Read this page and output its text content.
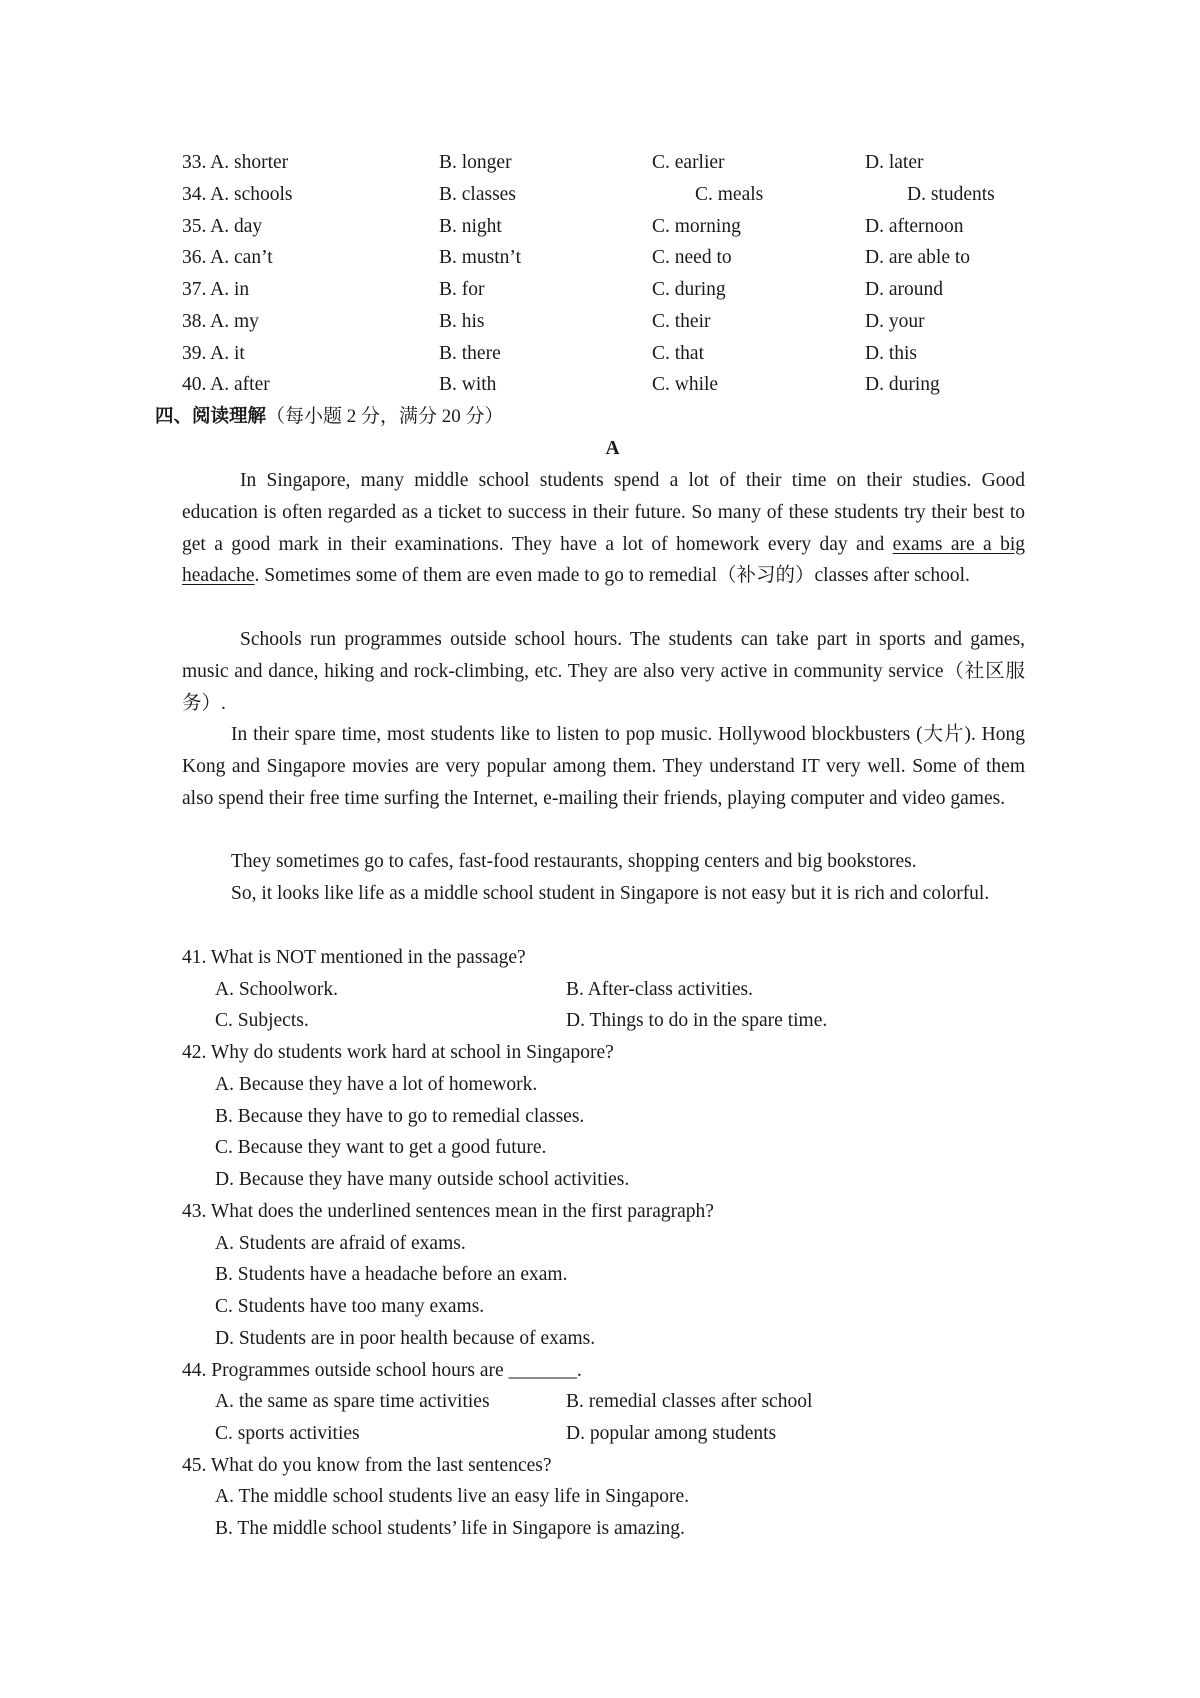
33. A. shorter	B. longer	C. earlier	D. later
34. A. schools	B. classes	C. meals	D. students
35. A. day	B. night	C. morning	D. afternoon
36. A. can’t	B. mustn’t	C. need to	D. are able to
37. A. in	B. for	C. during	D. around
38. A. my	B. his	C. their	D. your
39. A. it	B. there	C. that	D. this
40. A. after	B. with	C. while	D. during
四、阅读理解（每小题 2 分，满分 20 分）
A

In Singapore, many middle school students spend a lot of their time on their studies. Good education is often regarded as a ticket to success in their future. So many of these students try their best to get a good mark in their examinations. They have a lot of homework every day and exams are a big headache. Sometimes some of them are even made to go to remedial（补习的）classes after school.

Schools run programmes outside school hours. The students can take part in sports and games, music and dance, hiking and rock-climbing, etc. They are also very active in community service（社区服务）.

In their spare time, most students like to listen to pop music. Hollywood blockbusters (大片). Hong Kong and Singapore movies are very popular among them. They understand IT very well. Some of them also spend their free time surfing the Internet, e-mailing their friends, playing computer and video games.

They sometimes go to cafes, fast-food restaurants, shopping centers and big bookstores.

So, it looks like life as a middle school student in Singapore is not easy but it is rich and colorful.

41. What is NOT mentioned in the passage?
A. Schoolwork.	B. After-class activities.
C. Subjects.	D. Things to do in the spare time.
42. Why do students work hard at school in Singapore?
A. Because they have a lot of homework.
B. Because they have to go to remedial classes.
C. Because they want to get a good future.
D. Because they have many outside school activities.
43. What does the underlined sentences mean in the first paragraph?
A. Students are afraid of exams.
B. Students have a headache before an exam.
C. Students have too many exams.
D. Students are in poor health because of exams.
44. Programmes outside school hours are _______.
A. the same as spare time activities	B. remedial classes after school
C. sports activities	D. popular among students
45. What do you know from the last sentences?
A. The middle school students live an easy life in Singapore.
B. The middle school students’ life in Singapore is amazing.
